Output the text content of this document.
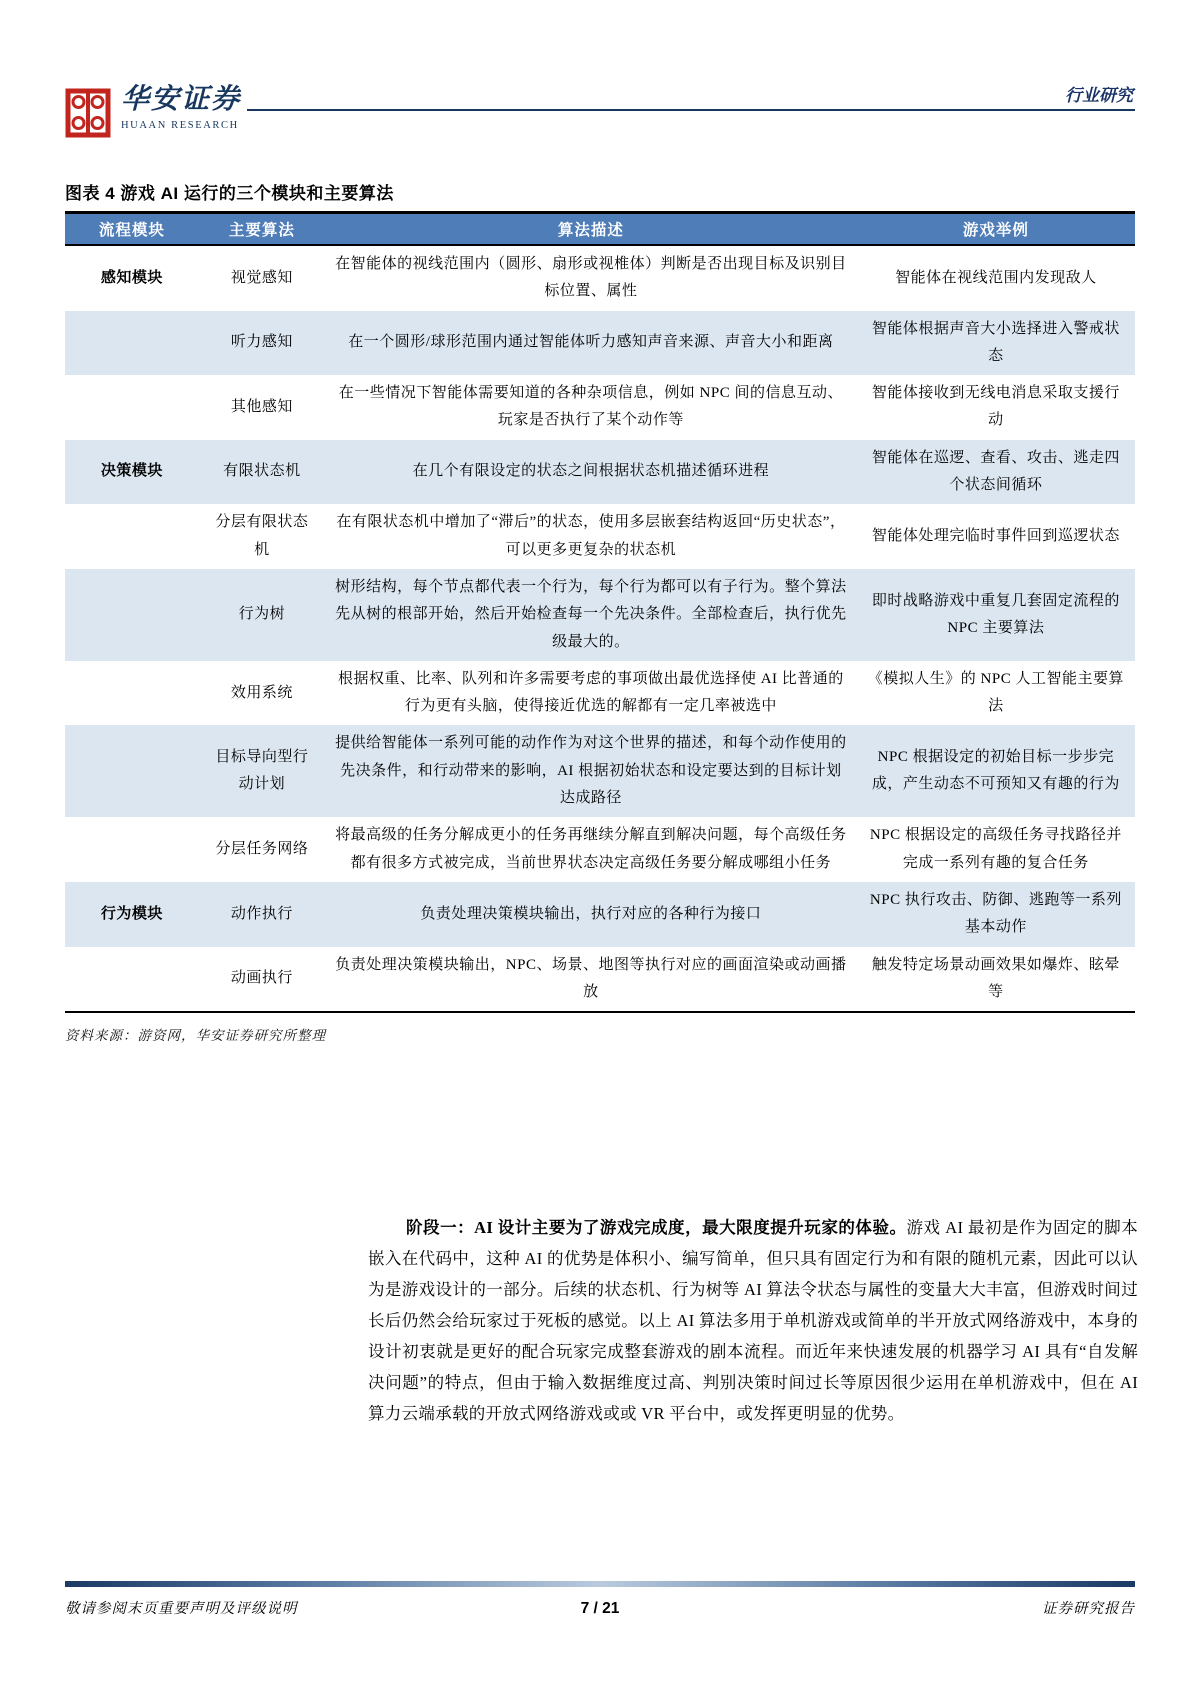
华安证券
HUAAN RESEARCH
行业研究
图表 4 游戏 AI 运行的三个模块和主要算法
流程模块	主要算法	算法描述	游戏举例
感知模块	视觉感知	在智能体的视线范围内（圆形、扇形或视椎体）判断是否出现目标及识别目标位置、属性	智能体在视线范围内发现敌人
	听力感知	在一个圆形/球形范围内通过智能体听力感知声音来源、声音大小和距离	智能体根据声音大小选择进入警戒状态
	其他感知	在一些情况下智能体需要知道的各种杂项信息，例如 NPC 间的信息互动、玩家是否执行了某个动作等	智能体接收到无线电消息采取支援行动
决策模块	有限状态机	在几个有限设定的状态之间根据状态机描述循环进程	智能体在巡逻、查看、攻击、逃走四个状态间循环
	分层有限状态机	在有限状态机中增加了“滞后”的状态，使用多层嵌套结构返回“历史状态”，可以更多更复杂的状态机	智能体处理完临时事件回到巡逻状态
	行为树	树形结构，每个节点都代表一个行为，每个行为都可以有子行为。整个算法先从树的根部开始，然后开始检查每一个先决条件。全部检查后，执行优先级最大的。	即时战略游戏中重复几套固定流程的 NPC 主要算法
	效用系统	根据权重、比率、队列和许多需要考虑的事项做出最优选择使 AI 比普通的行为更有头脑，使得接近优选的解都有一定几率被选中	《模拟人生》的 NPC 人工智能主要算法
	目标导向型行动计划	提供给智能体一系列可能的动作作为对这个世界的描述，和每个动作使用的先决条件，和行动带来的影响，AI 根据初始状态和设定要达到的目标计划达成路径	NPC 根据设定的初始目标一步步完成，产生动态不可预知又有趣的行为
	分层任务网络	将最高级的任务分解成更小的任务再继续分解直到解决问题，每个高级任务都有很多方式被完成，当前世界状态决定高级任务要分解成哪组小任务	NPC 根据设定的高级任务寻找路径并完成一系列有趣的复合任务
行为模块	动作执行	负责处理决策模块输出，执行对应的各种行为接口	NPC 执行攻击、防御、逃跑等一系列基本动作
	动画执行	负责处理决策模块输出，NPC、场景、地图等执行对应的画面渲染或动画播放	触发特定场景动画效果如爆炸、眩晕等
资料来源：游资网，华安证券研究所整理

阶段一：AI 设计主要为了游戏完成度，最大限度提升玩家的体验。游戏 AI 最初是作为固定的脚本嵌入在代码中，这种 AI 的优势是体积小、编写简单，但只具有固定行为和有限的随机元素，因此可以认为是游戏设计的一部分。后续的状态机、行为树等 AI 算法令状态与属性的变量大大丰富，但游戏时间过长后仍然会给玩家过于死板的感觉。以上 AI 算法多用于单机游戏或简单的半开放式网络游戏中，本身的设计初衷就是更好的配合玩家完成整套游戏的剧本流程。而近年来快速发展的机器学习 AI 具有“自发解决问题”的特点，但由于输入数据维度过高、判别决策时间过长等原因很少运用在单机游戏中，但在 AI 算力云端承载的开放式网络游戏或或 VR 平台中，或发挥更明显的优势。

敬请参阅末页重要声明及评级说明	7 / 21	证券研究报告
